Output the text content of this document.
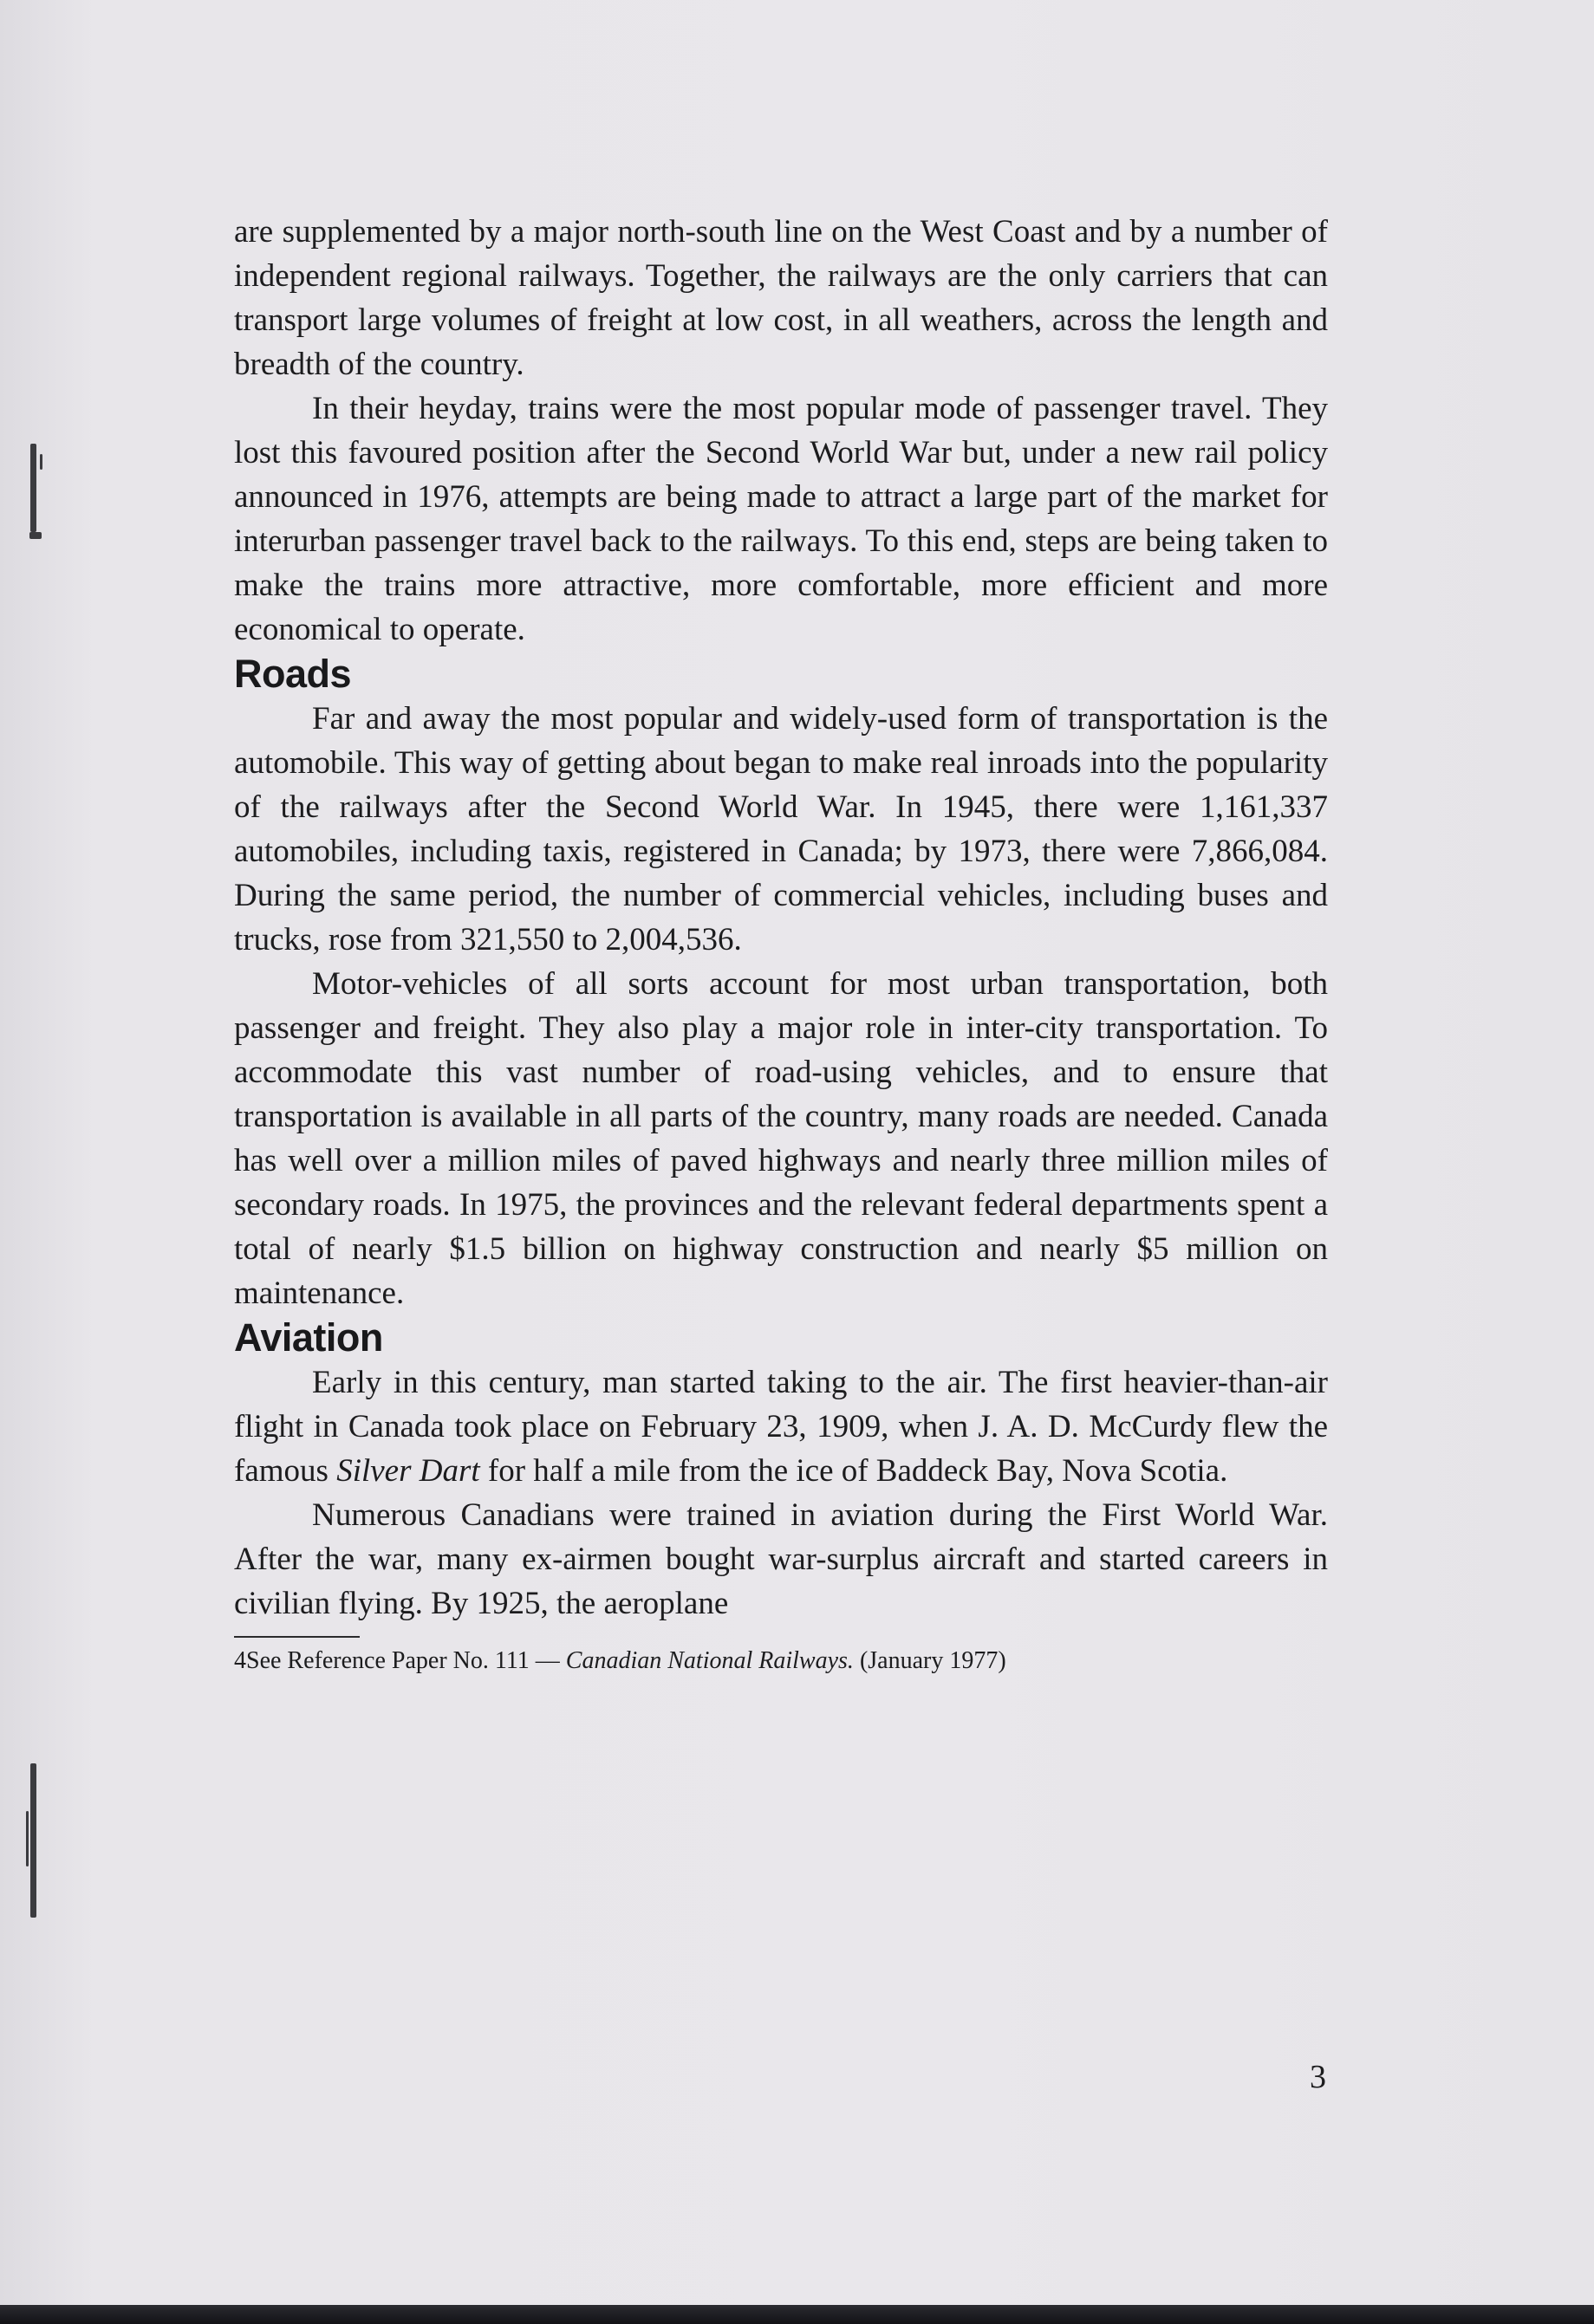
are supplemented by a major north-south line on the West Coast and by a number of independent regional railways. Together, the railways are the only carriers that can transport large volumes of freight at low cost, in all weathers, across the length and breadth of the country.

In their heyday, trains were the most popular mode of passenger travel. They lost this favoured position after the Second World War but, under a new rail policy announced in 1976, attempts are being made to attract a large part of the market for interurban passenger travel back to the railways. To this end, steps are being taken to make the trains more attractive, more comfortable, more efficient and more economical to operate.

Roads

Far and away the most popular and widely-used form of transportation is the automobile. This way of getting about began to make real inroads into the popularity of the railways after the Second World War. In 1945, there were 1,161,337 automobiles, including taxis, registered in Canada; by 1973, there were 7,866,084. During the same period, the number of commercial vehicles, including buses and trucks, rose from 321,550 to 2,004,536.

Motor-vehicles of all sorts account for most urban transportation, both passenger and freight. They also play a major role in inter-city transportation. To accommodate this vast number of road-using vehicles, and to ensure that transportation is available in all parts of the country, many roads are needed. Canada has well over a million miles of paved highways and nearly three million miles of secondary roads. In 1975, the provinces and the relevant federal departments spent a total of nearly $1.5 billion on highway construction and nearly $5 million on maintenance.

Aviation

Early in this century, man started taking to the air. The first heavier-than-air flight in Canada took place on February 23, 1909, when J. A. D. McCurdy flew the famous Silver Dart for half a mile from the ice of Baddeck Bay, Nova Scotia.

Numerous Canadians were trained in aviation during the First World War. After the war, many ex-airmen bought war-surplus aircraft and started careers in civilian flying. By 1925, the aeroplane

4See Reference Paper No. 111 — Canadian National Railways. (January 1977)

3
